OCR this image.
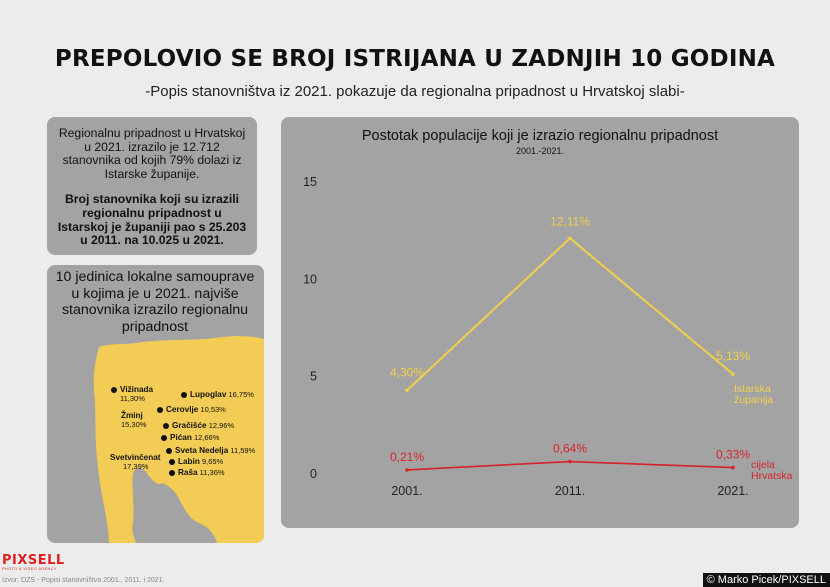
PREPOLOVIO SE BROJ ISTRIJANA U ZADNJIH 10 GODINA
-Popis stanovništva iz 2021. pokazuje da regionalna pripadnost u Hrvatskoj slabi-

Regionalnu pripadnost u Hrvatskoj u 2021. izrazilo je 12.712 stanovnika od kojih 79% dolazi iz Istarske županije.

Broj stanovnika koji su izrazili regionalnu pripadnost u Istarskoj je županiji pao s 25.203 u 2011. na 10.025 u 2021.

10 jedinica lokalne samouprave u kojima je u 2021. najviše stanovnika izrazilo regionalnu pripadnost
Vižinada
11,30%	Lupoglav 16,75%
Žminj
15,30%
Cerovlje 10,53%
Gračišće 12,96%
Pićan 12,66%
Svetvinčenat
17,39%
Sveta Nedelja 11,59%
Labin 9,65%
Raša 11,36%
Postotak populacije koji je izrazio regionalnu pripadnost
2001.-2021.
0
5
10
15
2001.	2011.	2021.
4,30%
12,11%
5,13%
Istarska
županija
0,21%
0,64%	0,33%
cijela
Hrvatska
PIXSELL
PHOTO & VIDEO AGENCY
Izvor: DZS - Popisi stanovništva 2001., 2011. i 2021.	© Marko Picek/PIXSELL
